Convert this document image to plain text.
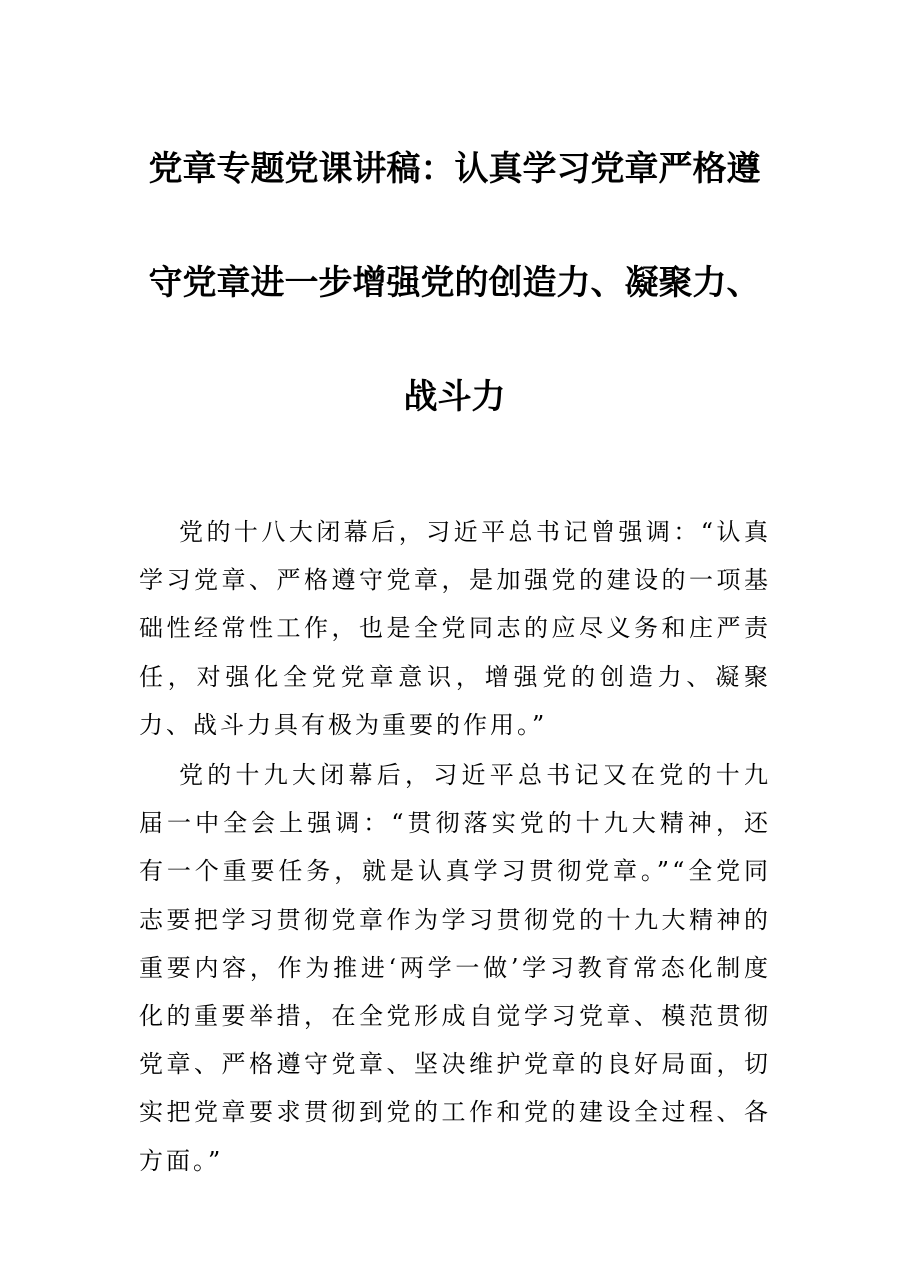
党章专题党课讲稿：认真学习党章严格遵
守党章进一步增强党的创造力、凝聚力、
战斗力

党的十八大闭幕后，习近平总书记曾强调：“认真学习党章、严格遵守党章，是加强党的建设的一项基础性经常性工作，也是全党同志的应尽义务和庄严责任，对强化全党党章意识，增强党的创造力、凝聚力、战斗力具有极为重要的作用。”

党的十九大闭幕后，习近平总书记又在党的十九届一中全会上强调：“贯彻落实党的十九大精神，还有一个重要任务，就是认真学习贯彻党章。”“全党同志要把学习贯彻党章作为学习贯彻党的十九大精神的重要内容，作为推进‘两学一做’学习教育常态化制度化的重要举措，在全党形成自觉学习党章、模范贯彻党章、严格遵守党章、坚决维护党章的良好局面，切实把党章要求贯彻到党的工作和党的建设全过程、各方面。”
